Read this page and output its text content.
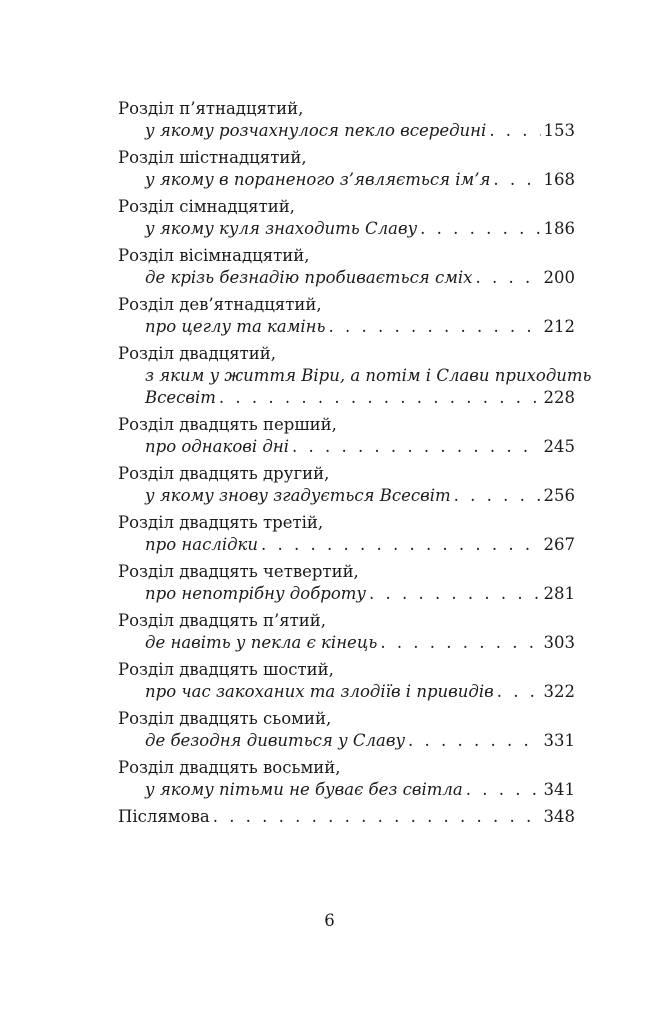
Розділ п’ятнадцятий,
у якому розчахнулося пекло всередині . . .	153
Розділ шістнадцятий,
у якому в пораненого з’являється ім’я . . .	168
Розділ сімнадцятий,
у якому куля знаходить Славу . . .	186
Розділ вісімнадцятий,
де крізь безнадію пробивається сміх . . .	200
Розділ дев’ятнадцятий,
про цеглу та камінь . . .	212
Розділ двадцятий,
з яким у життя Віри, а потім і Слави приходить
Всесвіт . . .	228
Розділ двадцять перший,
про однакові дні . . .	245
Розділ двадцять другий,
у якому знову згадується Всесвіт . . .	256
Розділ двадцять третій,
про наслідки . . .	267
Розділ двадцять четвертий,
про непотрібну доброту . . .	281
Розділ двадцять п’ятий,
де навіть у пекла є кінець . . .	303
Розділ двадцять шостий,
про час закоханих та злодіїв і привидів . . .	322
Розділ двадцять сьомий,
де безодня дивиться у Славу . . .	331
Розділ двадцять восьмий,
у якому пітьми не буває без світла . . .	341
Післямова . . .	348
6
